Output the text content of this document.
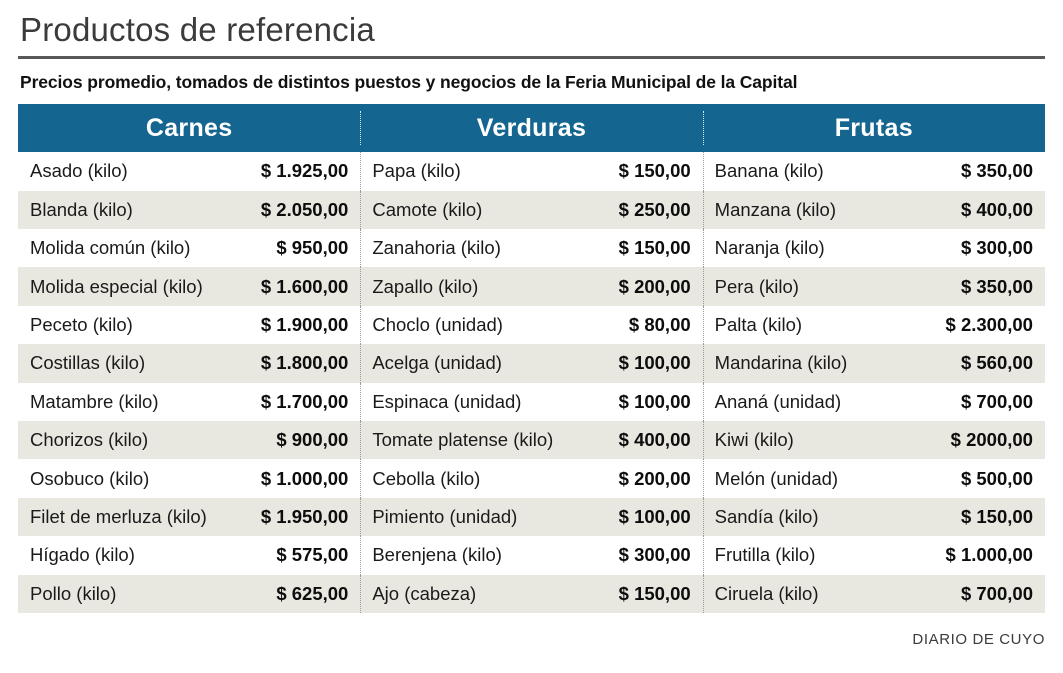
Productos de referencia
Precios promedio, tomados de distintos puestos y negocios de la Feria Municipal de la Capital
Carnes	Verduras	Frutas
Asado (kilo)	$ 1.925,00 Papa (kilo)	$ 150,00 Banana (kilo)	$ 350,00
Blanda (kilo)	$ 2.050,00 Camote (kilo)	$ 250,00 Manzana (kilo)	$ 400,00
Molida común (kilo)	$ 950,00 Zanahoria (kilo)	$ 150,00 Naranja (kilo)	$ 300,00
Molida especial (kilo)	$ 1.600,00 Zapallo (kilo)	$ 200,00 Pera (kilo)	$ 350,00
Peceto (kilo)	$ 1.900,00 Choclo (unidad)	$ 80,00 Palta (kilo)	$ 2.300,00
Costillas (kilo)	$ 1.800,00 Acelga (unidad)	$ 100,00 Mandarina (kilo)	$ 560,00
Matambre (kilo)	$ 1.700,00 Espinaca (unidad)	$ 100,00 Ananá (unidad)	$ 700,00
Chorizos (kilo)	$ 900,00 Tomate platense (kilo)	$ 400,00 Kiwi (kilo)	$ 2000,00
Osobuco (kilo)	$ 1.000,00 Cebolla (kilo)	$ 200,00 Melón (unidad)	$ 500,00
Filet de merluza (kilo)	$ 1.950,00 Pimiento (unidad)	$ 100,00 Sandía (kilo)	$ 150,00
Hígado (kilo)	$ 575,00 Berenjena (kilo)	$ 300,00 Frutilla (kilo)	$ 1.000,00
Pollo (kilo)	$ 625,00 Ajo (cabeza)	$ 150,00 Ciruela (kilo)	$ 700,00
DIARIO DE CUYO
